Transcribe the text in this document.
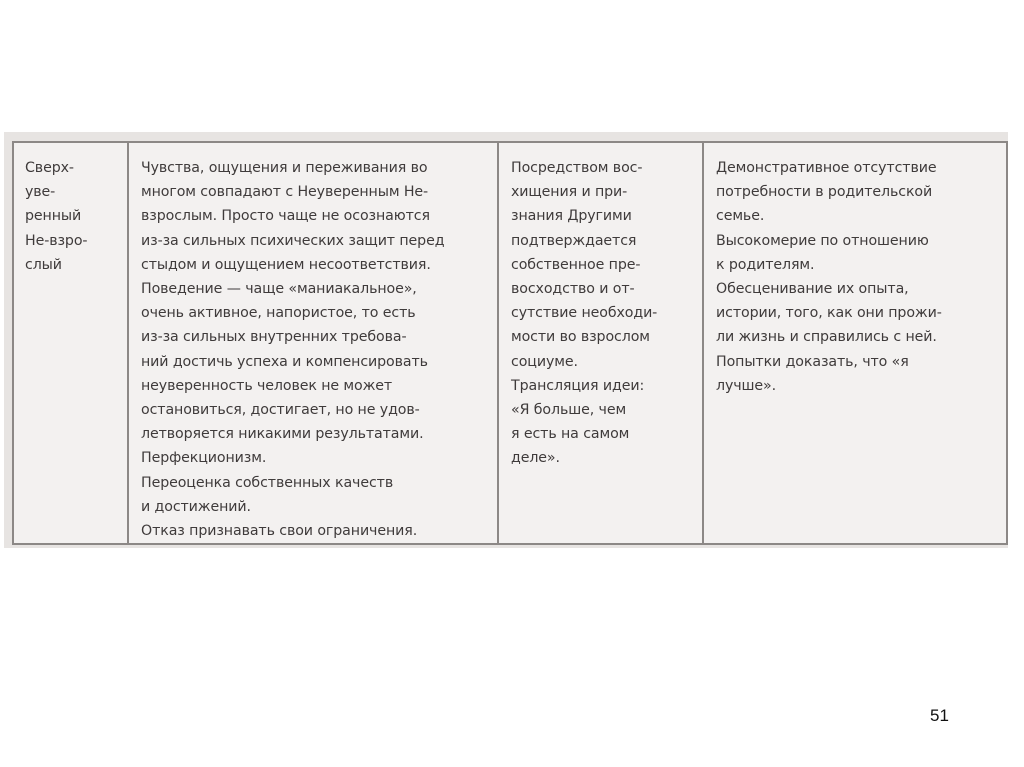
Сверх-
уве-
ренный
Не-взро-
слый	Чувства, ощущения и переживания во
многом совпадают с Неуверенным Не-
взрослым. Просто чаще не осознаются
из-за сильных психических защит перед
стыдом и ощущением несоответствия.
Поведение — чаще «маниакальное»,
очень активное, напористое, то есть
из-за сильных внутренних требова-
ний достичь успеха и компенсировать
неуверенность человек не может
остановиться, достигает, но не удов-
летворяется никакими результатами.
Перфекционизм.
Переоценка собственных качеств
и достижений.
Отказ признавать свои ограничения.	Посредством вос-
хищения и при-
знания Другими
подтверждается
собственное пре-
восходство и от-
сутствие необходи-
мости во взрослом
социуме.
Трансляция идеи:
«Я больше, чем
я есть на самом
деле».	Демонстративное отсутствие
потребности в родительской
семье.
Высокомерие по отношению
к родителям.
Обесценивание их опыта,
истории, того, как они прожи-
ли жизнь и справились с ней.
Попытки доказать, что «я
лучше».
51
